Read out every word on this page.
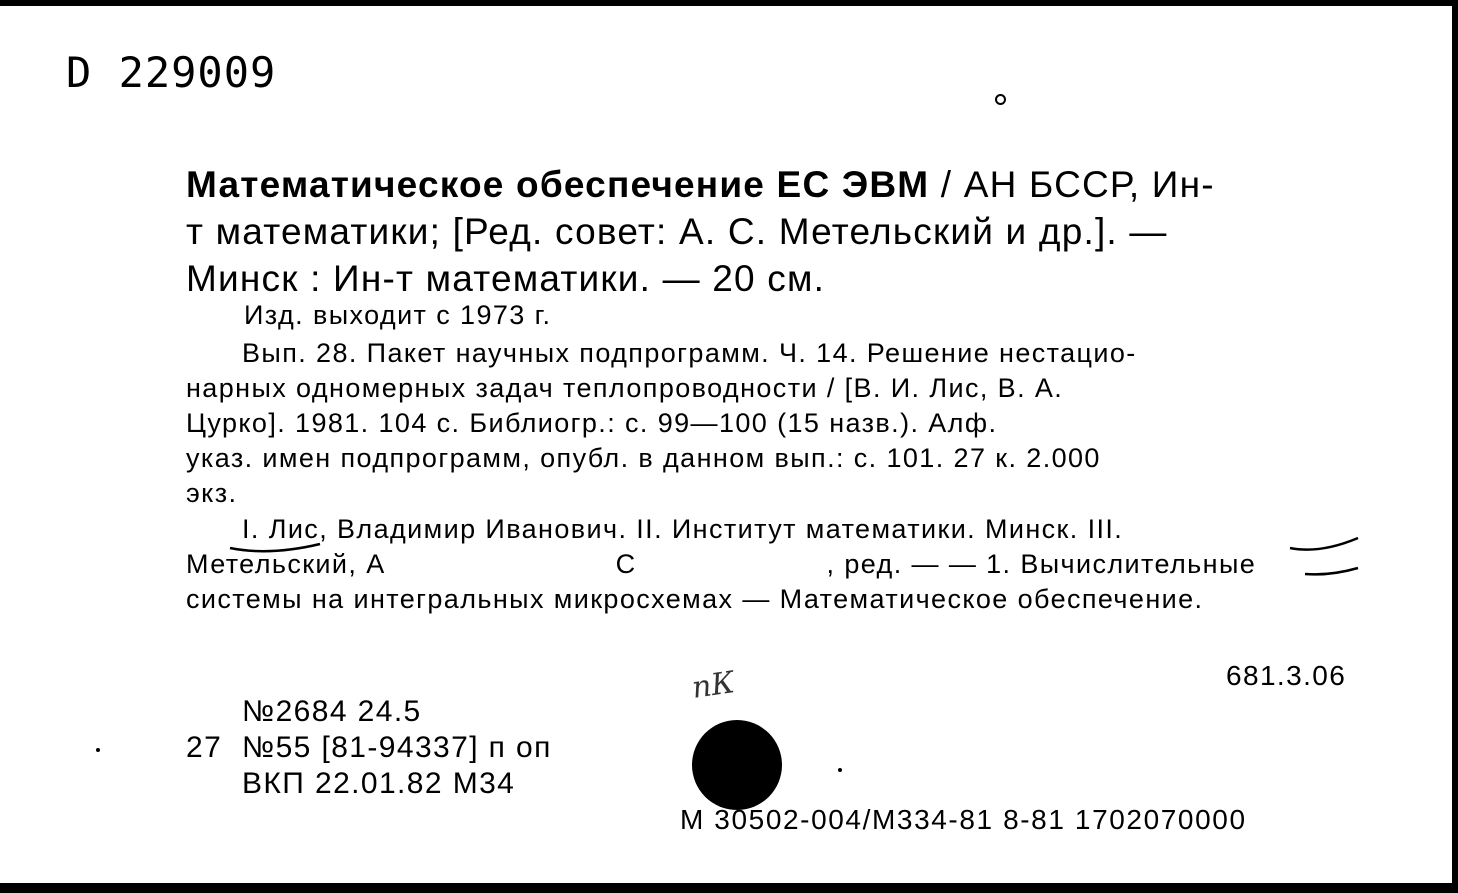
D 229009
Математическое обеспечение ЕС ЭВМ / АН БССР, Ин-
т математики; [Ред. совет: А. С. Метельский и др.]. —
Минск : Ин-т математики. — 20 см.
Изд. выходит с 1973 г.
Вып. 28. Пакет научных подпрограмм. Ч. 14. Решение нестацио-
нарных одномерных задач теплопроводности / [В. И. Лис, В. А.
Цурко]. 1981. 104 с. Библиогр.: с. 99—100 (15 назв.). Алф.
указ. имен подпрограмм, опубл. в данном вып.: с. 101. 27 к. 2.000
экз.
I. Лис, Владимир Иванович. II. Институт математики. Минск. III.
Метельский, А	С	, ред. — — 1. Вычислительные
системы на интегральных микросхемах — Математическое обеспечение.
681.3.06
№2684 24.5
27 №55 [81-94337] п оп
ВКП 22.01.82 М34
пК
М 30502-004/М334-81 8-81 1702070000
